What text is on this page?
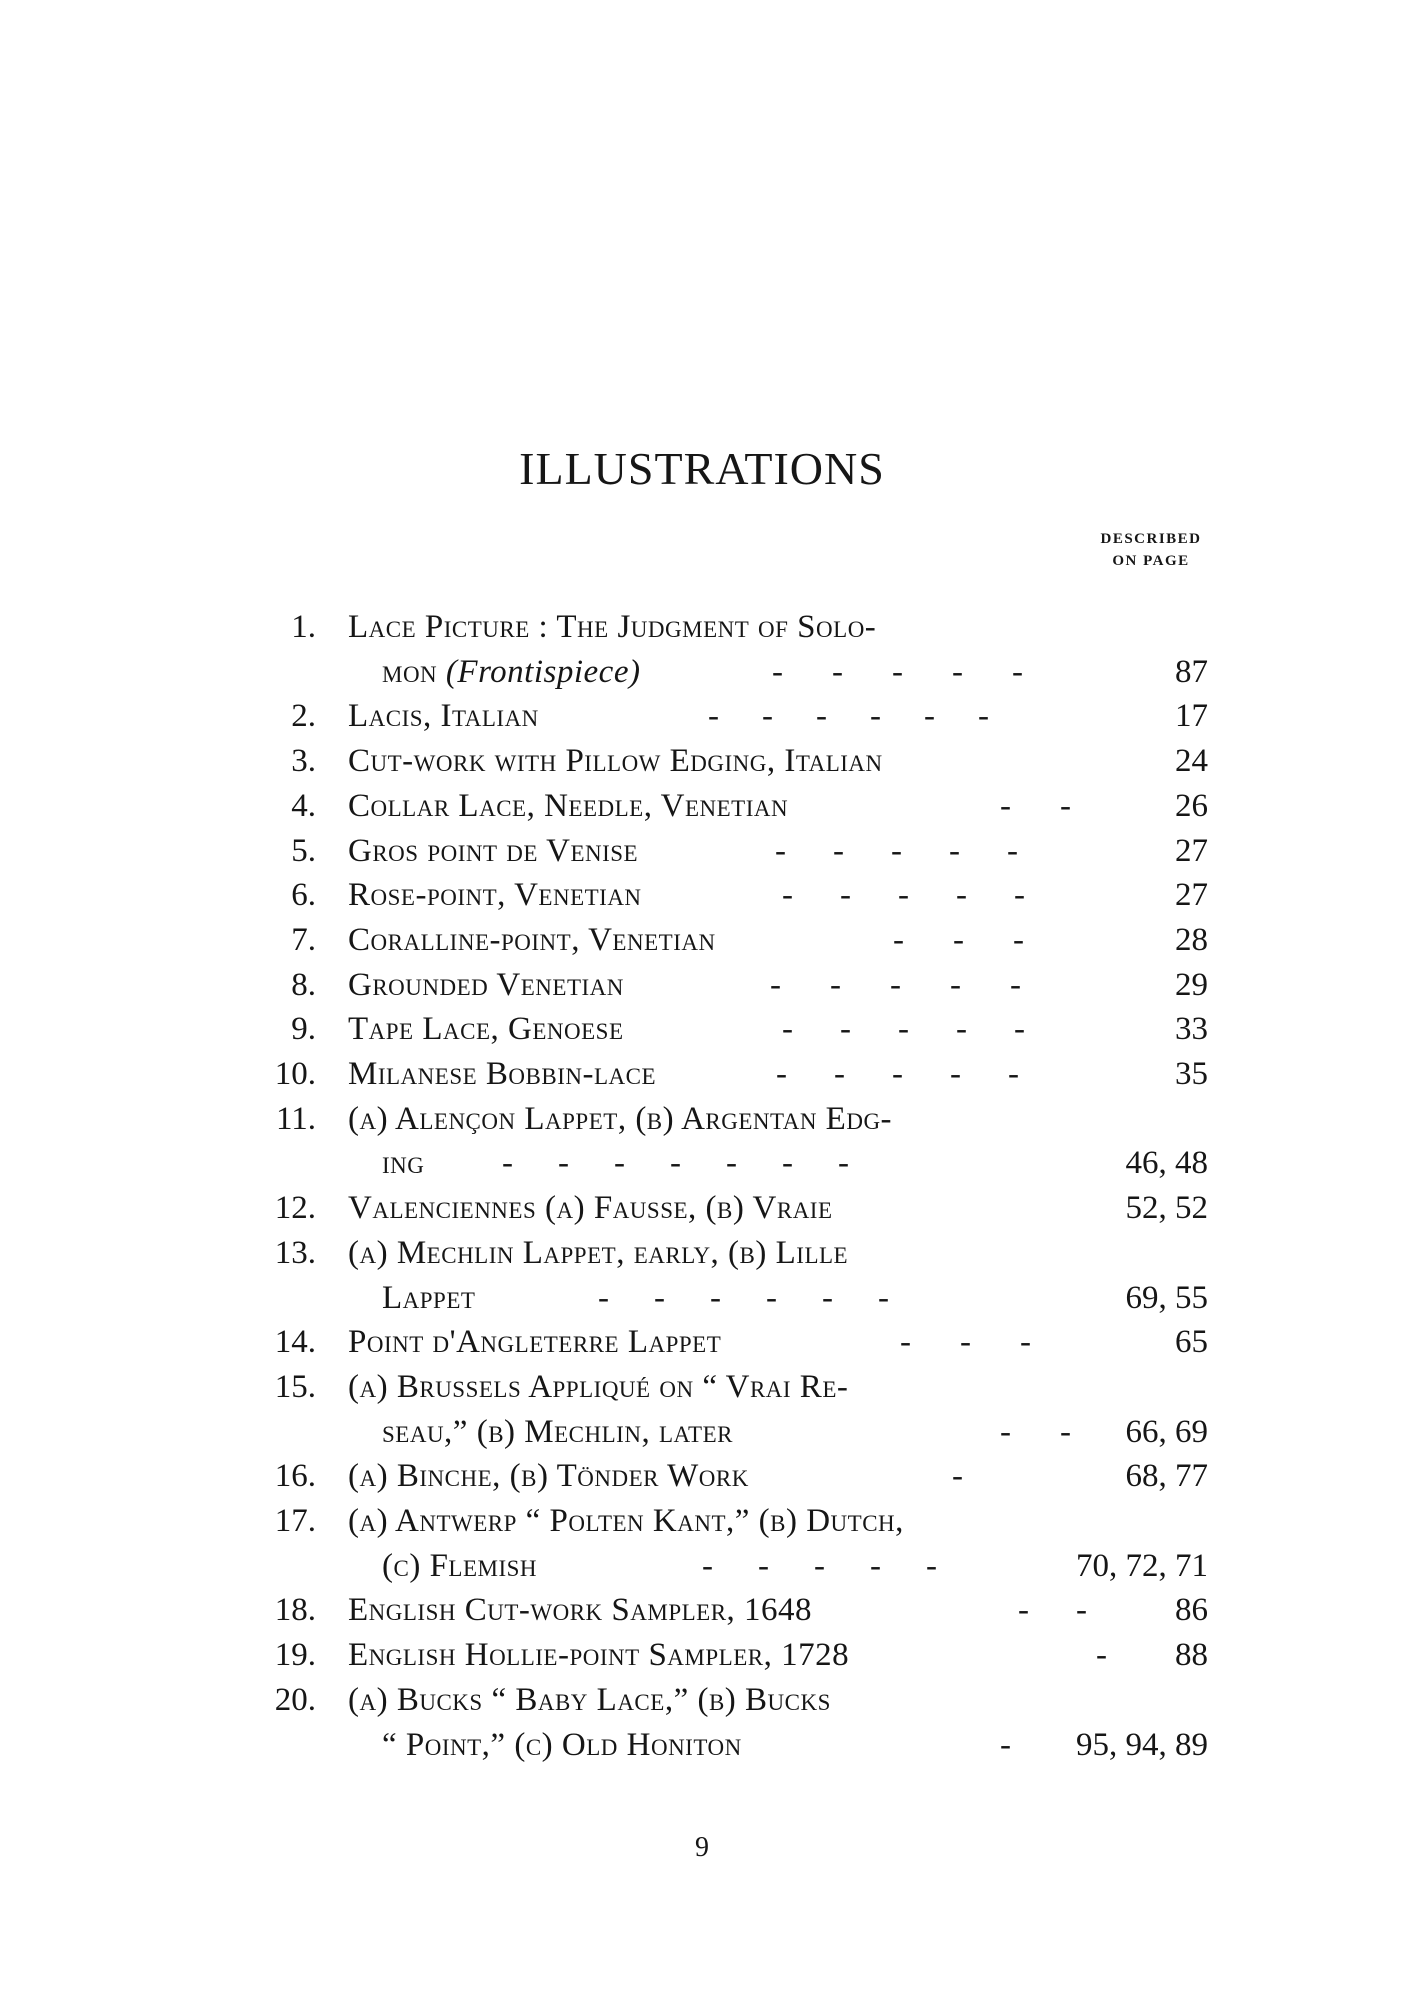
ILLUSTRATIONS
DESCRIBED
ON PAGE
1. Lace Picture : The Judgment of Solo-
mon (Frontispiece)	- - - - -	87
2. Lacis, Italian	- - - - - -	17
3. Cut-work with Pillow Edging, Italian	24
4. Collar Lace, Needle, Venetian	- -	26
5. Gros point de Venise	- - - - -	27
6. Rose-point, Venetian	- - - - -	27
7. Coralline-point, Venetian	- - -	28
8. Grounded Venetian	- - - - -	29
9. Tape Lace, Genoese	- - - - -	33
10. Milanese Bobbin-lace	- - - - -	35
11. (a) Alençon Lappet, (b) Argentan Edg-
ing - - - - - - -	46, 48
12. Valenciennes (a) Fausse, (b) Vraie	52, 52
13. (a) Mechlin Lappet, early, (b) Lille
Lappet	- - - - - -	69, 55
14. Point d'Angleterre Lappet	- - -	65
15. (a) Brussels Appliqué on “ Vrai Re-
seau,” (b) Mechlin, later	- - 66, 69
16. (a) Binche, (b) Tönder Work	-	68, 77
17. (a) Antwerp “ Polten Kant,” (b) Dutch,
(c) Flemish	- - - - -	70, 72, 71
18. English Cut-work Sampler, 1648	- -	86
19. English Hollie-point Sampler, 1728	- 88
20. (a) Bucks “ Baby Lace,” (b) Bucks
“ Point,” (c) Old Honiton	- 95, 94, 89
9
